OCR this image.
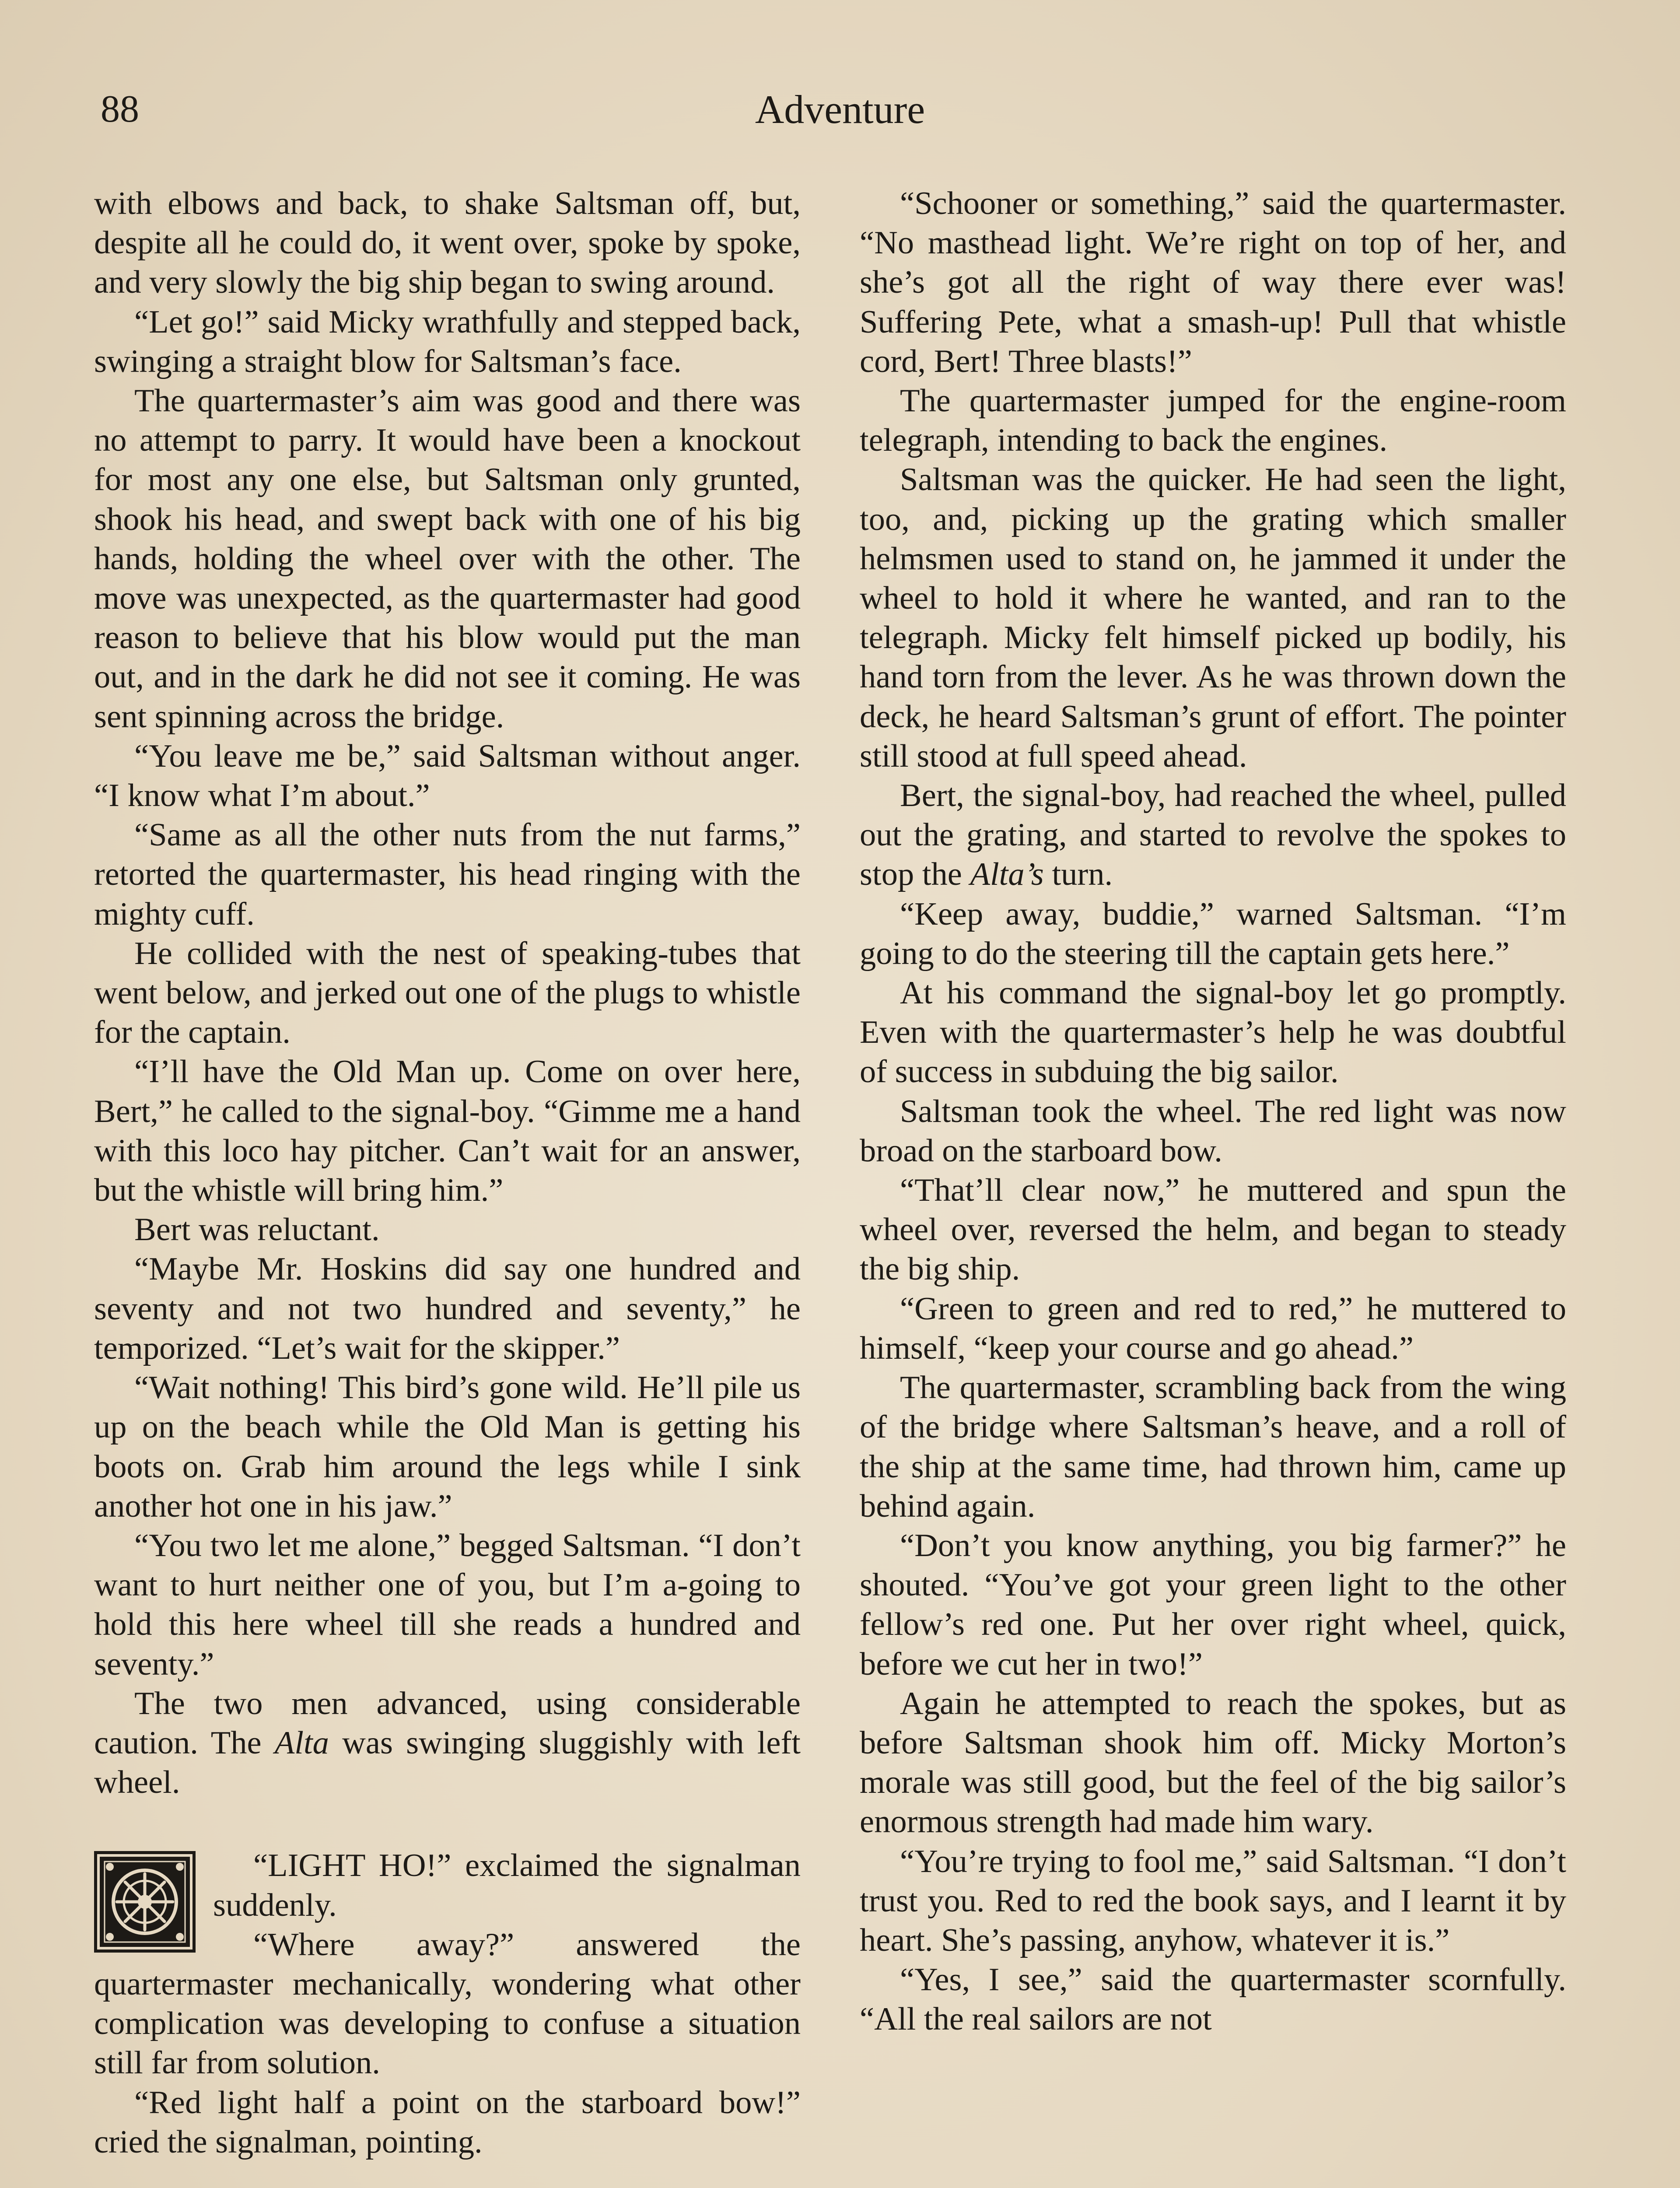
88	Adventure

with elbows and back, to shake Saltsman off, but, despite all he could do, it went over, spoke by spoke, and very slowly the big ship began to swing around.

“Let go!” said Micky wrathfully and stepped back, swinging a straight blow for Saltsman’s face.

The quartermaster’s aim was good and there was no attempt to parry. It would have been a knockout for most any one else, but Saltsman only grunted, shook his head, and swept back with one of his big hands, holding the wheel over with the other. The move was unexpected, as the quartermaster had good reason to believe that his blow would put the man out, and in the dark he did not see it coming. He was sent spinning across the bridge.

“You leave me be,” said Saltsman without anger. “I know what I’m about.”

“Same as all the other nuts from the nut farms,” retorted the quartermaster, his head ringing with the mighty cuff.

He collided with the nest of speaking-tubes that went below, and jerked out one of the plugs to whistle for the captain.

“I’ll have the Old Man up. Come on over here, Bert,” he called to the signal-boy. “Gimme me a hand with this loco hay pitcher. Can’t wait for an answer, but the whistle will bring him.”

Bert was reluctant.

“Maybe Mr. Hoskins did say one hundred and seventy and not two hundred and seventy,” he temporized. “Let’s wait for the skipper.”

“Wait nothing! This bird’s gone wild. He’ll pile us up on the beach while the Old Man is getting his boots on. Grab him around the legs while I sink another hot one in his jaw.”

“You two let me alone,” begged Saltsman. “I don’t want to hurt neither one of you, but I’m a-going to hold this here wheel till she reads a hundred and seventy.”

The two men advanced, using considerable caution. The Alta was swinging sluggishly with left wheel.

“LIGHT HO!” exclaimed the signalman suddenly.

“Where away?” answered the quartermaster mechanically, wondering what other complication was developing to confuse a situation still far from solution.

“Red light half a point on the starboard bow!” cried the signalman, pointing.

“Schooner or something,” said the quartermaster. “No masthead light. We’re right on top of her, and she’s got all the right of way there ever was! Suffering Pete, what a smash-up! Pull that whistle cord, Bert! Three blasts!”

The quartermaster jumped for the engine-room telegraph, intending to back the engines.

Saltsman was the quicker. He had seen the light, too, and, picking up the grating which smaller helmsmen used to stand on, he jammed it under the wheel to hold it where he wanted, and ran to the telegraph. Micky felt himself picked up bodily, his hand torn from the lever. As he was thrown down the deck, he heard Saltsman’s grunt of effort. The pointer still stood at full speed ahead.

Bert, the signal-boy, had reached the wheel, pulled out the grating, and started to revolve the spokes to stop the Alta’s turn.

“Keep away, buddie,” warned Saltsman. “I’m going to do the steering till the captain gets here.”

At his command the signal-boy let go promptly. Even with the quartermaster’s help he was doubtful of success in subduing the big sailor.

Saltsman took the wheel. The red light was now broad on the starboard bow.

“That’ll clear now,” he muttered and spun the wheel over, reversed the helm, and began to steady the big ship.

“Green to green and red to red,” he muttered to himself, “keep your course and go ahead.”

The quartermaster, scrambling back from the wing of the bridge where Saltsman’s heave, and a roll of the ship at the same time, had thrown him, came up behind again.

“Don’t you know anything, you big farmer?” he shouted. “You’ve got your green light to the other fellow’s red one. Put her over right wheel, quick, before we cut her in two!”

Again he attempted to reach the spokes, but as before Saltsman shook him off. Micky Morton’s morale was still good, but the feel of the big sailor’s enormous strength had made him wary.

“You’re trying to fool me,” said Saltsman. “I don’t trust you. Red to red the book says, and I learnt it by heart. She’s passing, anyhow, whatever it is.”

“Yes, I see,” said the quartermaster scornfully. “All the real sailors are not
